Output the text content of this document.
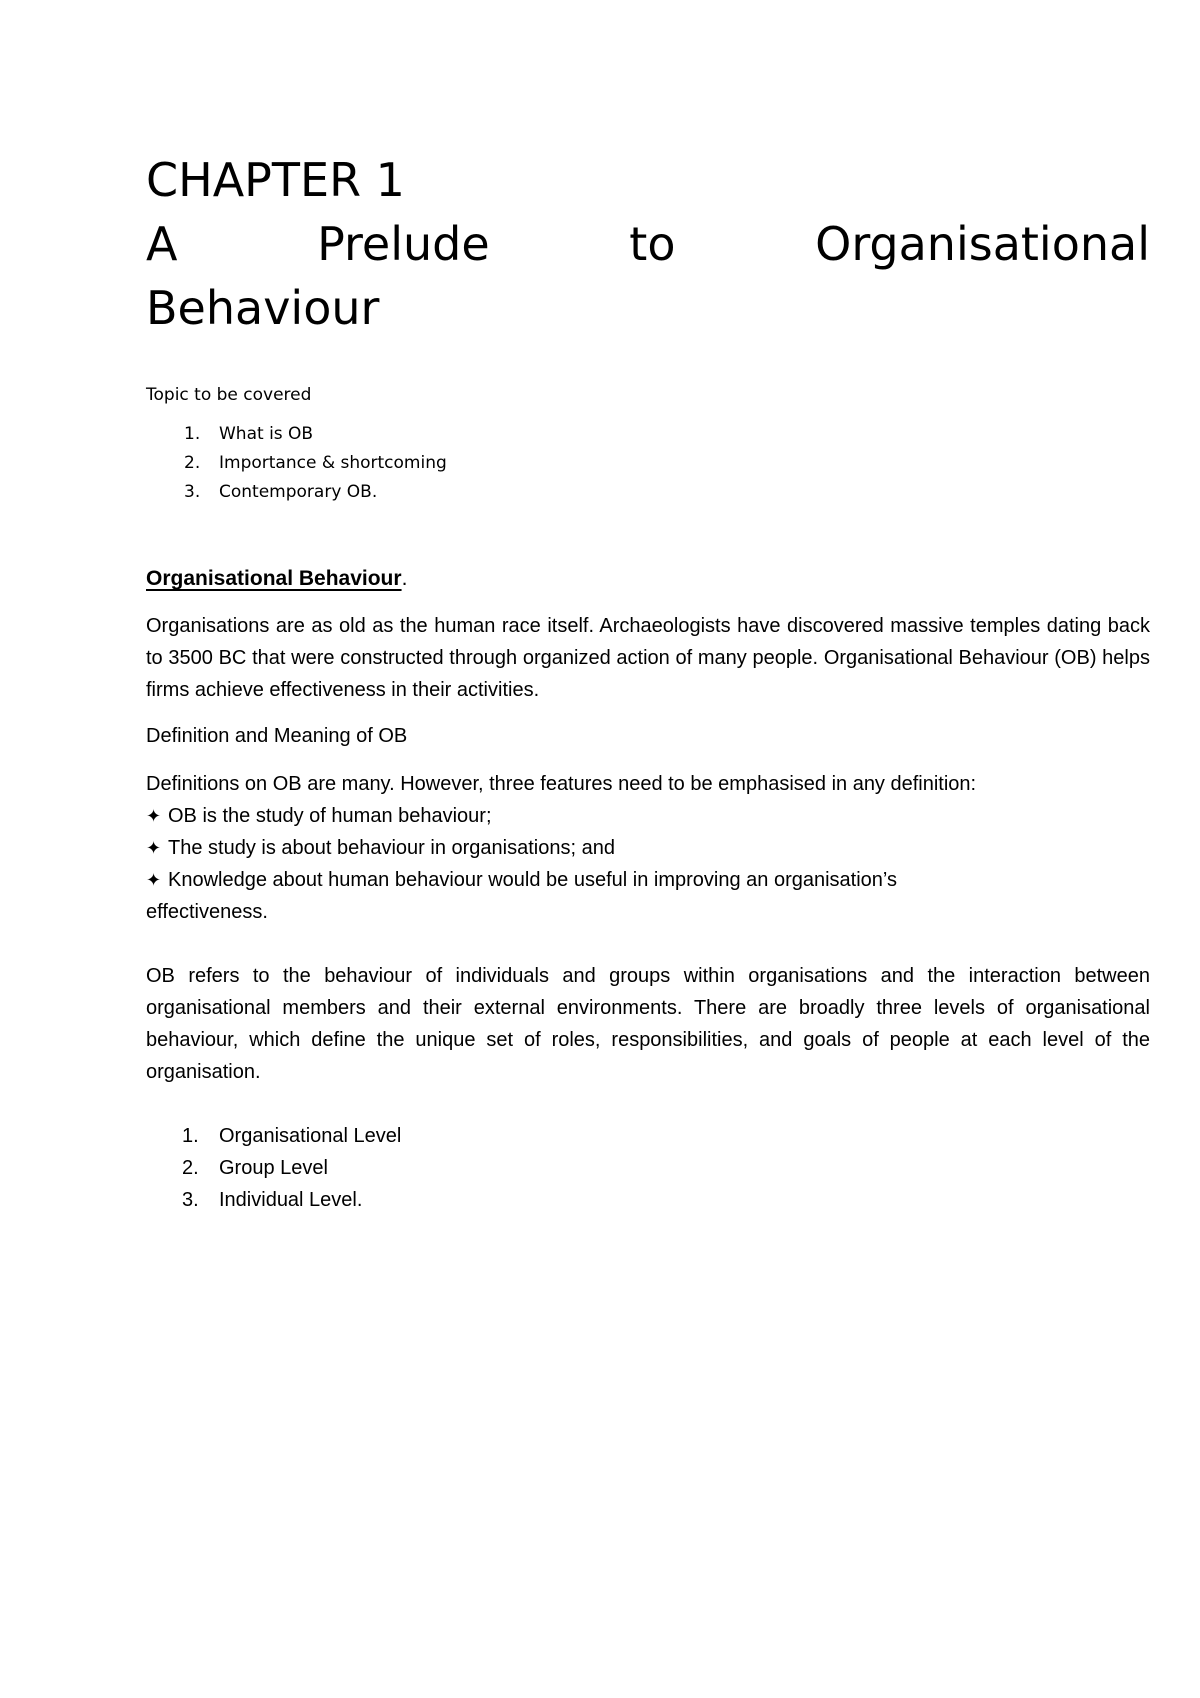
CHAPTER 1
A	Prelude	to	Organisational
Behaviour

Topic to be covered

1.	What is OB
2.	Importance & shortcoming
3.	Contemporary OB.
Organisational Behaviour.

Organisations are as old as the human race itself. Archaeologists have discovered massive temples dating back to 3500 BC that were constructed through organized action of many people. Organisational Behaviour (OB) helps firms achieve effectiveness in their activities.

Definition and Meaning of OB

Definitions on OB are many. However, three features need to be emphasised in any definition:

✦ OB is the study of human behaviour;
✦ The study is about behaviour in organisations; and
✦ Knowledge about human behaviour would be useful in improving an organisation’s
effectiveness.

OB refers to the behaviour of individuals and groups within organisations and the interaction between organisational members and their external environments. There are broadly three levels of organisational behaviour, which define the unique set of roles, responsibilities, and goals of people at each level of the organisation.

1.	Organisational Level
2.	Group Level
3.	Individual Level.
